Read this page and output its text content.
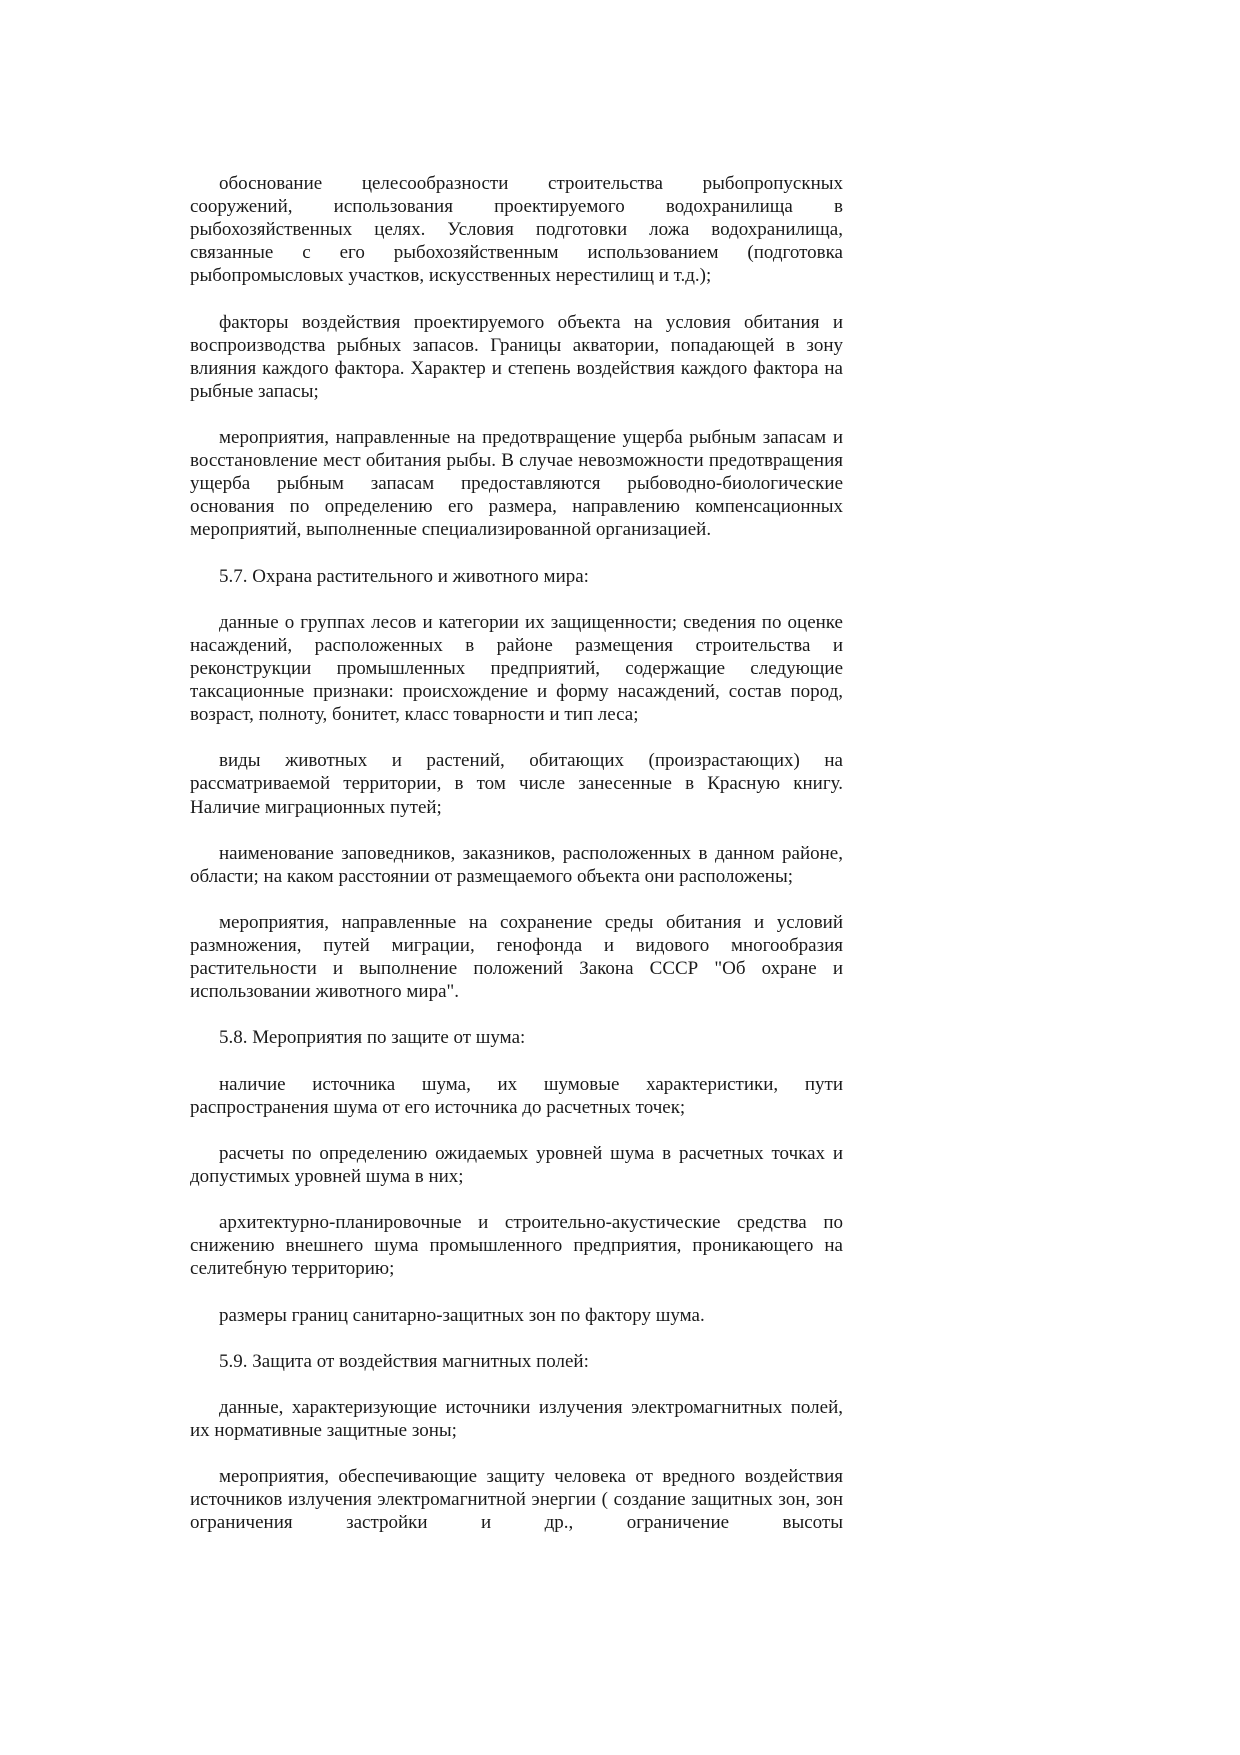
обоснование целесообразности строительства рыбопропускных сооружений, использования проектируемого водохранилища в рыбохозяйственных целях. Условия подготовки ложа водохранилища, связанные с его рыбохозяйственным использованием (подготовка рыбопромысловых участков, искусственных нерестилищ и т.д.);

факторы воздействия проектируемого объекта на условия обитания и воспроизводства рыбных запасов. Границы акватории, попадающей в зону влияния каждого фактора. Характер и степень воздействия каждого фактора на рыбные запасы;

мероприятия, направленные на предотвращение ущерба рыбным запасам и восстановление мест обитания рыбы. В случае невозможности предотвращения ущерба рыбным запасам предоставляются рыбоводно-биологические основания по определению его размера, направлению компенсационных мероприятий, выполненные специализированной организацией.

5.7. Охрана растительного и животного мира:

данные о группах лесов и категории их защищенности; сведения по оценке насаждений, расположенных в районе размещения строительства и реконструкции промышленных предприятий, содержащие следующие таксационные признаки: происхождение и форму насаждений, состав пород, возраст, полноту, бонитет, класс товарности и тип леса;

виды животных и растений, обитающих (произрастающих) на рассматриваемой территории, в том числе занесенные в Красную книгу. Наличие миграционных путей;

наименование заповедников, заказников, расположенных в данном районе, области; на каком расстоянии от размещаемого объекта они расположены;

мероприятия, направленные на сохранение среды обитания и условий размножения, путей миграции, генофонда и видового многообразия растительности и выполнение положений Закона СССР "Об охране и использовании животного мира".

5.8. Мероприятия по защите от шума:

наличие источника шума, их шумовые характеристики, пути распространения шума от его источника до расчетных точек;

расчеты по определению ожидаемых уровней шума в расчетных точках и допустимых уровней шума в них;

архитектурно-планировочные и строительно-акустические средства по снижению внешнего шума промышленного предприятия, проникающего на селитебную территорию;

размеры границ санитарно-защитных зон по фактору шума.

5.9. Защита от воздействия магнитных полей:

данные, характеризующие источники излучения электромагнитных полей, их нормативные защитные зоны;

мероприятия, обеспечивающие защиту человека от вредного воздействия источников излучения электромагнитной энергии ( создание защитных зон, зон ограничения застройки и др., ограничение высоты
